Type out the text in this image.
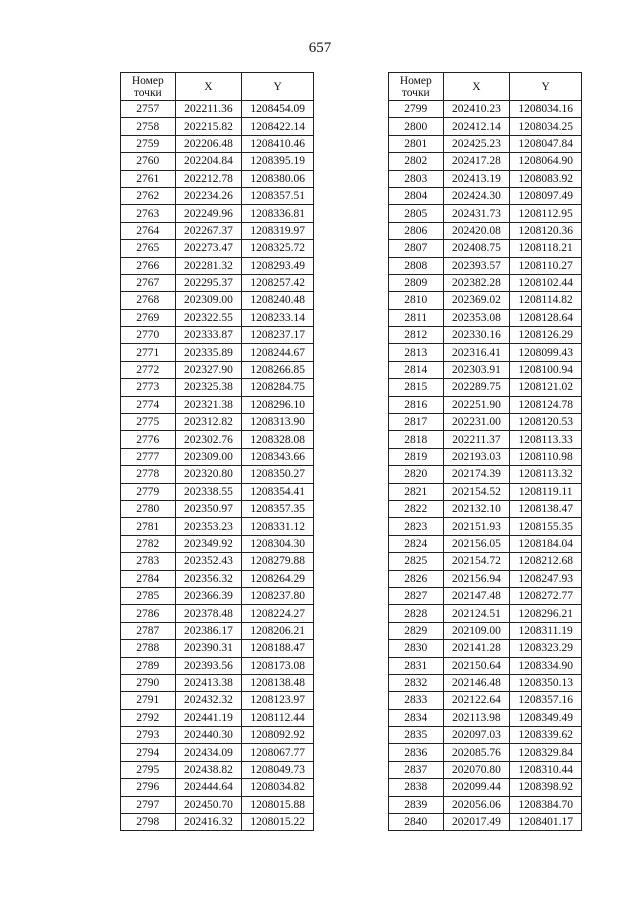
657
Номер
точки	X	Y
2757	202211.36	1208454.09
2758	202215.82	1208422.14
2759	202206.48	1208410.46
2760	202204.84	1208395.19
2761	202212.78	1208380.06
2762	202234.26	1208357.51
2763	202249.96	1208336.81
2764	202267.37	1208319.97
2765	202273.47	1208325.72
2766	202281.32	1208293.49
2767	202295.37	1208257.42
2768	202309.00	1208240.48
2769	202322.55	1208233.14
2770	202333.87	1208237.17
2771	202335.89	1208244.67
2772	202327.90	1208266.85
2773	202325.38	1208284.75
2774	202321.38	1208296.10
2775	202312.82	1208313.90
2776	202302.76	1208328.08
2777	202309.00	1208343.66
2778	202320.80	1208350.27
2779	202338.55	1208354.41
2780	202350.97	1208357.35
2781	202353.23	1208331.12
2782	202349.92	1208304.30
2783	202352.43	1208279.88
2784	202356.32	1208264.29
2785	202366.39	1208237.80
2786	202378.48	1208224.27
2787	202386.17	1208206.21
2788	202390.31	1208188.47
2789	202393.56	1208173.08
2790	202413.38	1208138.48
2791	202432.32	1208123.97
2792	202441.19	1208112.44
2793	202440.30	1208092.92
2794	202434.09	1208067.77
2795	202438.82	1208049.73
2796	202444.64	1208034.82
2797	202450.70	1208015.88
2798	202416.32	1208015.22
Номер
точки	X	Y
2799	202410.23	1208034.16
2800	202412.14	1208034.25
2801	202425.23	1208047.84
2802	202417.28	1208064.90
2803	202413.19	1208083.92
2804	202424.30	1208097.49
2805	202431.73	1208112.95
2806	202420.08	1208120.36
2807	202408.75	1208118.21
2808	202393.57	1208110.27
2809	202382.28	1208102.44
2810	202369.02	1208114.82
2811	202353.08	1208128.64
2812	202330.16	1208126.29
2813	202316.41	1208099.43
2814	202303.91	1208100.94
2815	202289.75	1208121.02
2816	202251.90	1208124.78
2817	202231.00	1208120.53
2818	202211.37	1208113.33
2819	202193.03	1208110.98
2820	202174.39	1208113.32
2821	202154.52	1208119.11
2822	202132.10	1208138.47
2823	202151.93	1208155.35
2824	202156.05	1208184.04
2825	202154.72	1208212.68
2826	202156.94	1208247.93
2827	202147.48	1208272.77
2828	202124.51	1208296.21
2829	202109.00	1208311.19
2830	202141.28	1208323.29
2831	202150.64	1208334.90
2832	202146.48	1208350.13
2833	202122.64	1208357.16
2834	202113.98	1208349.49
2835	202097.03	1208339.62
2836	202085.76	1208329.84
2837	202070.80	1208310.44
2838	202099.44	1208398.92
2839	202056.06	1208384.70
2840	202017.49	1208401.17
